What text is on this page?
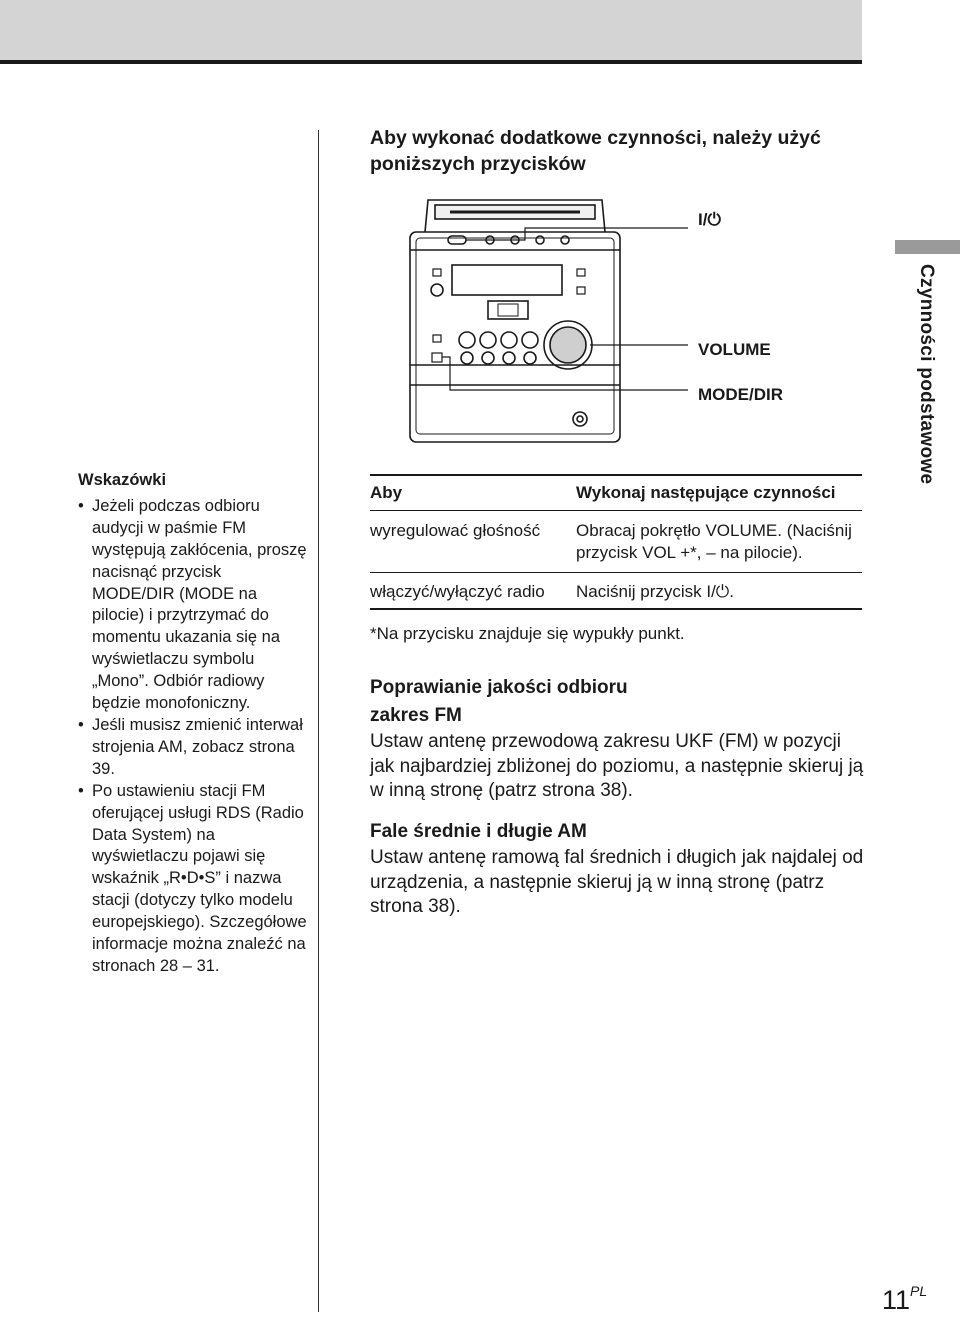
Czynności podstawowe
Wskazówki
• Jeżeli podczas odbioru audycji w paśmie FM występują zakłócenia, proszę nacisnąć przycisk MODE/DIR (MODE na pilocie) i przytrzymać do momentu ukazania się na wyświetlaczu symbolu „Mono”. Odbiór radiowy będzie monofoniczny.
• Jeśli musisz zmienić interwał strojenia AM, zobacz strona 39.
• Po ustawieniu stacji FM oferującej usługi RDS (Radio Data System) na wyświetlaczu pojawi się wskaźnik „R•D•S” i nazwa stacji (dotyczy tylko modelu europejskiego). Szczegółowe informacje można znaleźć na stronach 28 – 31.
Aby wykonać dodatkowe czynności, należy użyć poniższych przycisków
I/⏻
VOLUME
MODE/DIR
Aby	Wykonaj następujące czynności
wyregulować głośność	Obracaj pokrętło VOLUME. (Naciśnij przycisk VOL +*, – na pilocie).
włączyć/wyłączyć radio	Naciśnij przycisk I/⏻.
*Na przycisku znajduje się wypukły punkt.
Poprawianie jakości odbioru
zakres FM
Ustaw antenę przewodową zakresu UKF (FM) w pozycji jak najbardziej zbliżonej do poziomu, a następnie skieruj ją w inną stronę (patrz strona 38).
Fale średnie i długie AM
Ustaw antenę ramową fal średnich i długich jak najdalej od urządzenia, a następnie skieruj ją w inną stronę (patrz strona 38).
$11^{PL}$
